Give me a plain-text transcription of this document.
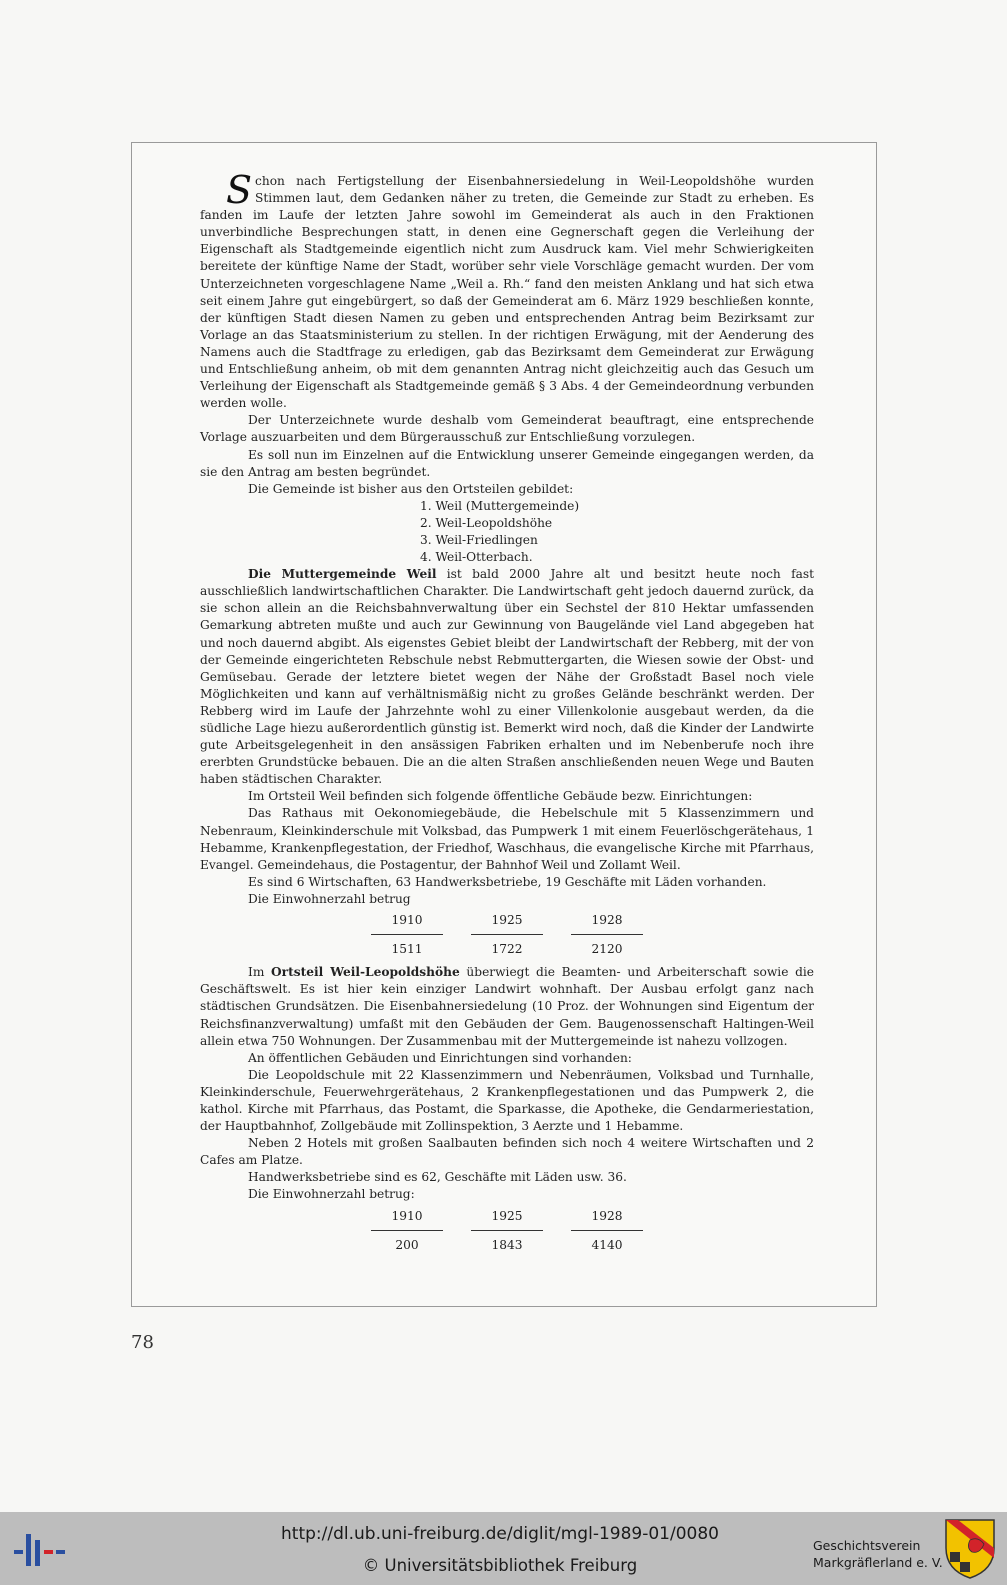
Schon nach Fertigstellung der Eisenbahnersiedelung in Weil-Leopoldshöhe wurden Stimmen laut, dem Gedanken näher zu treten, die Gemeinde zur Stadt zu erheben. Es fanden im Laufe der letzten Jahre sowohl im Gemeinderat als auch in den Fraktionen unverbindliche Besprechungen statt, in denen eine Gegnerschaft gegen die Verleihung der Eigenschaft als Stadtgemeinde eigentlich nicht zum Ausdruck kam. Viel mehr Schwierigkeiten bereitete der künftige Name der Stadt, worüber sehr viele Vorschläge gemacht wurden. Der vom Unterzeichneten vorgeschlagene Name „Weil a. Rh.“ fand den meisten Anklang und hat sich etwa seit einem Jahre gut eingebürgert, so daß der Gemeinderat am 6. März 1929 beschließen konnte, der künftigen Stadt diesen Namen zu geben und entsprechenden Antrag beim Bezirksamt zur Vorlage an das Staatsministerium zu stellen. In der richtigen Erwägung, mit der Aenderung des Namens auch die Stadtfrage zu erledigen, gab das Bezirksamt dem Gemeinderat zur Erwägung und Entschließung anheim, ob mit dem genannten Antrag nicht gleichzeitig auch das Gesuch um Verleihung der Eigenschaft als Stadtgemeinde gemäß § 3 Abs. 4 der Gemeindeordnung verbunden werden wolle.

Der Unterzeichnete wurde deshalb vom Gemeinderat beauftragt, eine entsprechende Vorlage auszuarbeiten und dem Bürgerausschuß zur Entschließung vorzulegen.

Es soll nun im Einzelnen auf die Entwicklung unserer Gemeinde eingegangen werden, da sie den Antrag am besten begründet.

Die Gemeinde ist bisher aus den Ortsteilen gebildet:

1. Weil (Muttergemeinde)
2. Weil-Leopoldshöhe
3. Weil-Friedlingen
4. Weil-Otterbach.

Die Muttergemeinde Weil ist bald 2000 Jahre alt und besitzt heute noch fast ausschließlich landwirtschaftlichen Charakter. Die Landwirtschaft geht jedoch dauernd zurück, da sie schon allein an die Reichsbahnverwaltung über ein Sechstel der 810 Hektar umfassenden Gemarkung abtreten mußte und auch zur Gewinnung von Baugelände viel Land abgegeben hat und noch dauernd abgibt. Als eigenstes Gebiet bleibt der Landwirtschaft der Rebberg, mit der von der Gemeinde eingerichteten Rebschule nebst Rebmuttergarten, die Wiesen sowie der Obst- und Gemüsebau. Gerade der letztere bietet wegen der Nähe der Großstadt Basel noch viele Möglichkeiten und kann auf verhältnismäßig nicht zu großes Gelände beschränkt werden. Der Rebberg wird im Laufe der Jahrzehnte wohl zu einer Villenkolonie ausgebaut werden, da die südliche Lage hiezu außerordentlich günstig ist. Bemerkt wird noch, daß die Kinder der Landwirte gute Arbeitsgelegenheit in den ansässigen Fabriken erhalten und im Nebenberufe noch ihre ererbten Grundstücke bebauen. Die an die alten Straßen anschließenden neuen Wege und Bauten haben städtischen Charakter.

Im Ortsteil Weil befinden sich folgende öffentliche Gebäude bezw. Einrichtungen:

Das Rathaus mit Oekonomiegebäude, die Hebelschule mit 5 Klassenzimmern und Nebenraum, Kleinkinderschule mit Volksbad, das Pumpwerk 1 mit einem Feuerlöschgerätehaus, 1 Hebamme, Krankenpflegestation, der Friedhof, Waschhaus, die evangelische Kirche mit Pfarrhaus, Evangel. Gemeindehaus, die Postagentur, der Bahnhof Weil und Zollamt Weil.

Es sind 6 Wirtschaften, 63 Handwerksbetriebe, 19 Geschäfte mit Läden vorhanden.

Die Einwohnerzahl betrug

1910
1511
1925
1722
1928
2120

Im Ortsteil Weil-Leopoldshöhe überwiegt die Beamten- und Arbeiterschaft sowie die Geschäftswelt. Es ist hier kein einziger Landwirt wohnhaft. Der Ausbau erfolgt ganz nach städtischen Grundsätzen. Die Eisenbahnersiedelung (10 Proz. der Wohnungen sind Eigentum der Reichsfinanzverwaltung) umfaßt mit den Gebäuden der Gem. Baugenossenschaft Haltingen-Weil allein etwa 750 Wohnungen. Der Zusammenbau mit der Muttergemeinde ist nahezu vollzogen.

An öffentlichen Gebäuden und Einrichtungen sind vorhanden:

Die Leopoldschule mit 22 Klassenzimmern und Nebenräumen, Volksbad und Turnhalle, Kleinkinderschule, Feuerwehrgerätehaus, 2 Krankenpflegestationen und das Pumpwerk 2, die kathol. Kirche mit Pfarrhaus, das Postamt, die Sparkasse, die Apotheke, die Gendarmeriestation, der Hauptbahnhof, Zollgebäude mit Zollinspektion, 3 Aerzte und 1 Hebamme.

Neben 2 Hotels mit großen Saalbauten befinden sich noch 4 weitere Wirtschaften und 2 Cafes am Platze.

Handwerksbetriebe sind es 62, Geschäfte mit Läden usw. 36.

Die Einwohnerzahl betrug:

1910
200
1925
1843
1928
4140
78
http://dl.ub.uni-freiburg.de/diglit/mgl-1989-01/0080
© Universitätsbibliothek Freiburg
Geschichtsverein
Markgräflerland e. V.
